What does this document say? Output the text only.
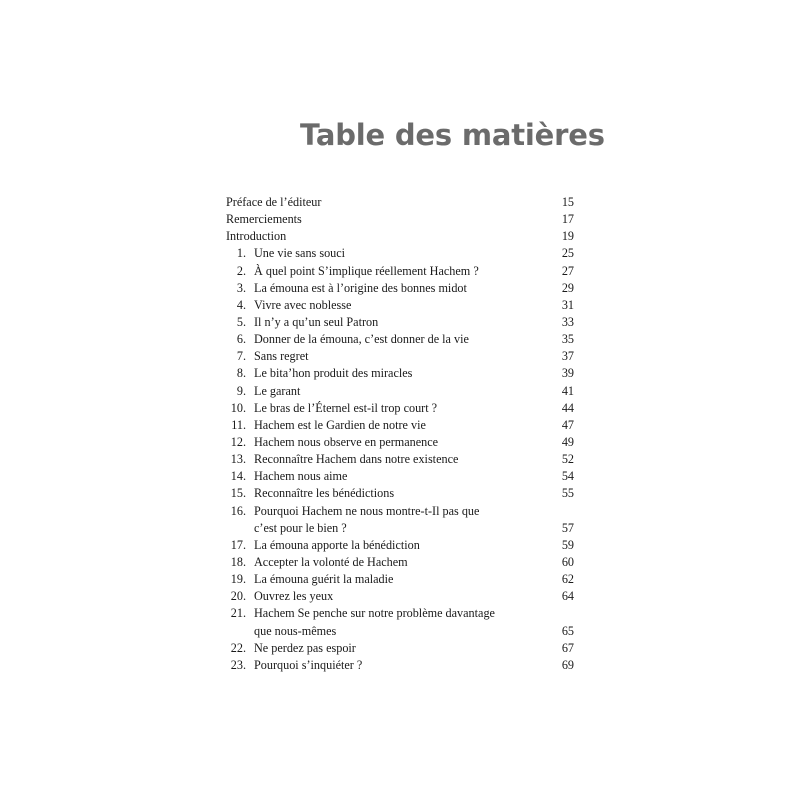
Table des matières
Préface de l’éditeur	15
Remerciements	17
Introduction	19
1. Une vie sans souci	25
2. À quel point S’implique réellement Hachem ?	27
3. La émouna est à l’origine des bonnes midot	29
4. Vivre avec noblesse	31
5. Il n’y a qu’un seul Patron	33
6. Donner de la émouna, c’est donner de la vie	35
7. Sans regret	37
8. Le bita’hon produit des miracles	39
9. Le garant	41
10. Le bras de l’Éternel est-il trop court ?	44
11. Hachem est le Gardien de notre vie	47
12. Hachem nous observe en permanence	49
13. Reconnaître Hachem dans notre existence	52
14. Hachem nous aime	54
15. Reconnaître les bénédictions	55
16. Pourquoi Hachem ne nous montre-t-Il pas que
c’est pour le bien ?	57
17. La émouna apporte la bénédiction	59
18. Accepter la volonté de Hachem	60
19. La émouna guérit la maladie	62
20. Ouvrez les yeux	64
21. Hachem Se penche sur notre problème davantage
que nous-mêmes	65
22. Ne perdez pas espoir	67
23. Pourquoi s’inquiéter ?	69
